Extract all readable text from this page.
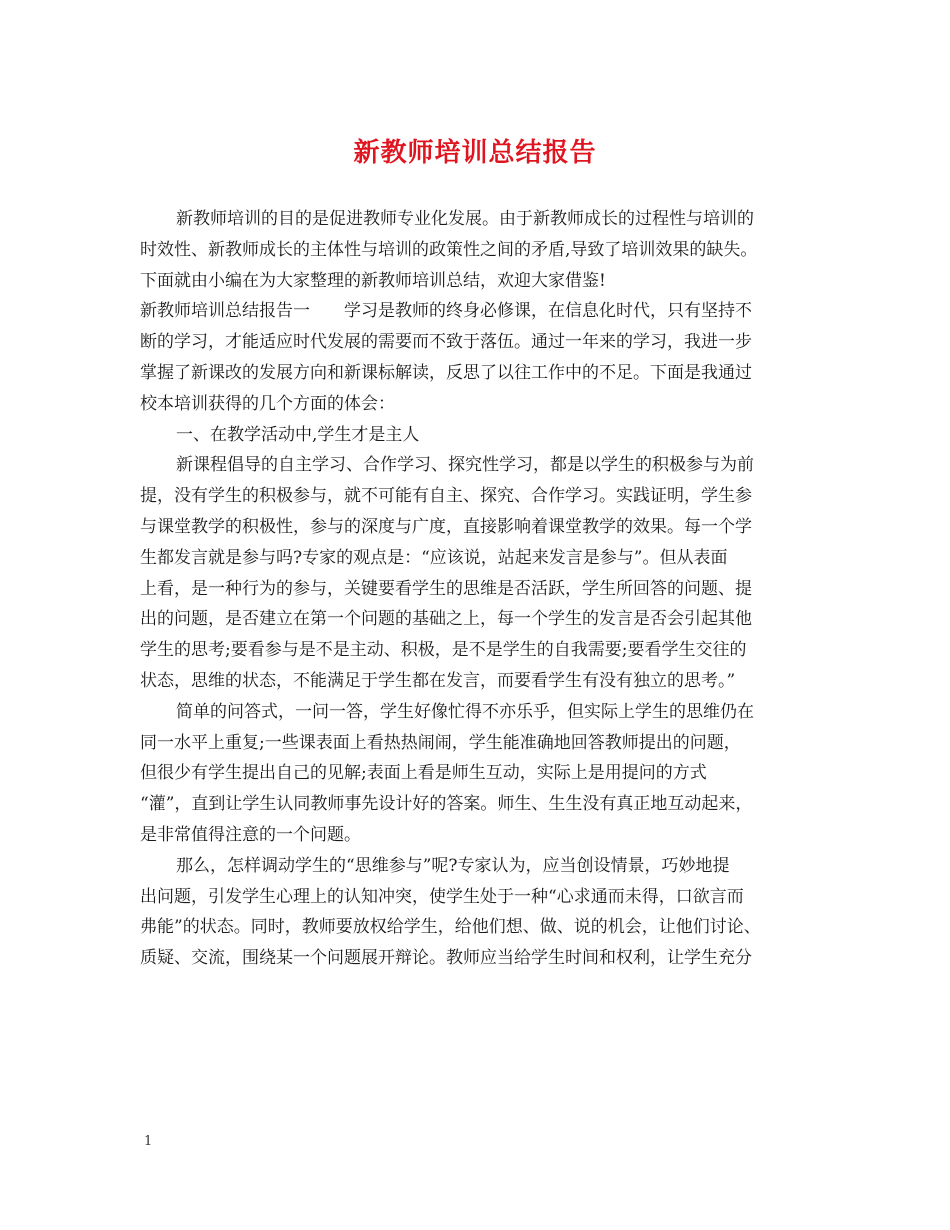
新教师培训总结报告
新教师培训的目的是促进教师专业化发展。由于新教师成长的过程性与培训的
时效性、新教师成长的主体性与培训的政策性之间的矛盾,导致了培训效果的缺失。
下面就由小编在为大家整理的新教师培训总结，欢迎大家借鉴!
新教师培训总结报告一　　学习是教师的终身必修课，在信息化时代，只有坚持不
断的学习，才能适应时代发展的需要而不致于落伍。通过一年来的学习，我进一步
掌握了新课改的发展方向和新课标解读，反思了以往工作中的不足。下面是我通过
校本培训获得的几个方面的体会：
一、在教学活动中,学生才是主人
新课程倡导的自主学习、合作学习、探究性学习，都是以学生的积极参与为前
提，没有学生的积极参与，就不可能有自主、探究、合作学习。实践证明，学生参
与课堂教学的积极性，参与的深度与广度，直接影响着课堂教学的效果。每一个学
生都发言就是参与吗?专家的观点是：“应该说，站起来发言是参与”。但从表面
上看，是一种行为的参与，关键要看学生的思维是否活跃，学生所回答的问题、提
出的问题，是否建立在第一个问题的基础之上，每一个学生的发言是否会引起其他
学生的思考;要看参与是不是主动、积极，是不是学生的自我需要;要看学生交往的
状态，思维的状态，不能满足于学生都在发言，而要看学生有没有独立的思考。”
简单的问答式，一问一答，学生好像忙得不亦乐乎，但实际上学生的思维仍在
同一水平上重复;一些课表面上看热热闹闹，学生能准确地回答教师提出的问题，
但很少有学生提出自己的见解;表面上看是师生互动，实际上是用提问的方式
“灌”，直到让学生认同教师事先设计好的答案。师生、生生没有真正地互动起来，
是非常值得注意的一个问题。
那么，怎样调动学生的“思维参与”呢?专家认为，应当创设情景，巧妙地提
出问题，引发学生心理上的认知冲突，使学生处于一种“心求通而未得，口欲言而
弗能”的状态。同时，教师要放权给学生，给他们想、做、说的机会，让他们讨论、
质疑、交流，围绕某一个问题展开辩论。教师应当给学生时间和权利，让学生充分
1
